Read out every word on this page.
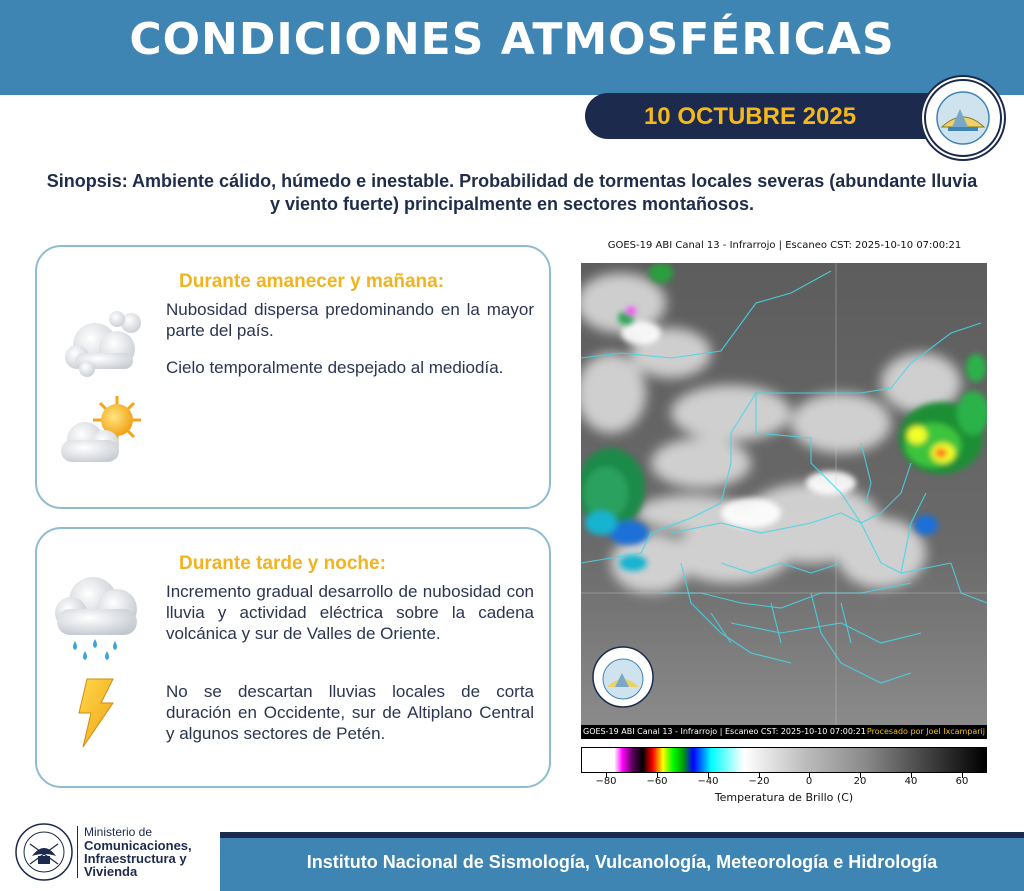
CONDICIONES ATMOSFÉRICAS
10 OCTUBRE 2025
Sinopsis: Ambiente cálido, húmedo e inestable. Probabilidad de tormentas locales severas (abundante lluvia y viento fuerte) principalmente en sectores montañosos.
Durante amanecer y mañana:

Nubosidad dispersa predominando en la mayor parte del país.

Cielo temporalmente despejado al mediodía.

Durante tarde y noche:

Incremento gradual desarrollo de nubosidad con lluvia y actividad eléctrica sobre la cadena volcánica y sur de Valles de Oriente.

No se descartan lluvias locales de corta duración en Occidente, sur de Altiplano Central y algunos sectores de Petén.

GOES-19 ABI Canal 13 - Infrarrojo | Escaneo CST: 2025-10-10 07:00:21
GOES-19 ABI Canal 13 - Infrarrojo | Escaneo CST: 2025-10-10 07:00:21 Procesado por Joel Ixcamparij
−80	−60	−40	−20	0	20	40	60
Temperatura de Brillo (C)
Ministerio de
Comunicaciones,
Infraestructura y
Vivienda	Instituto Nacional de Sismología, Vulcanología, Meteorología e Hidrología
